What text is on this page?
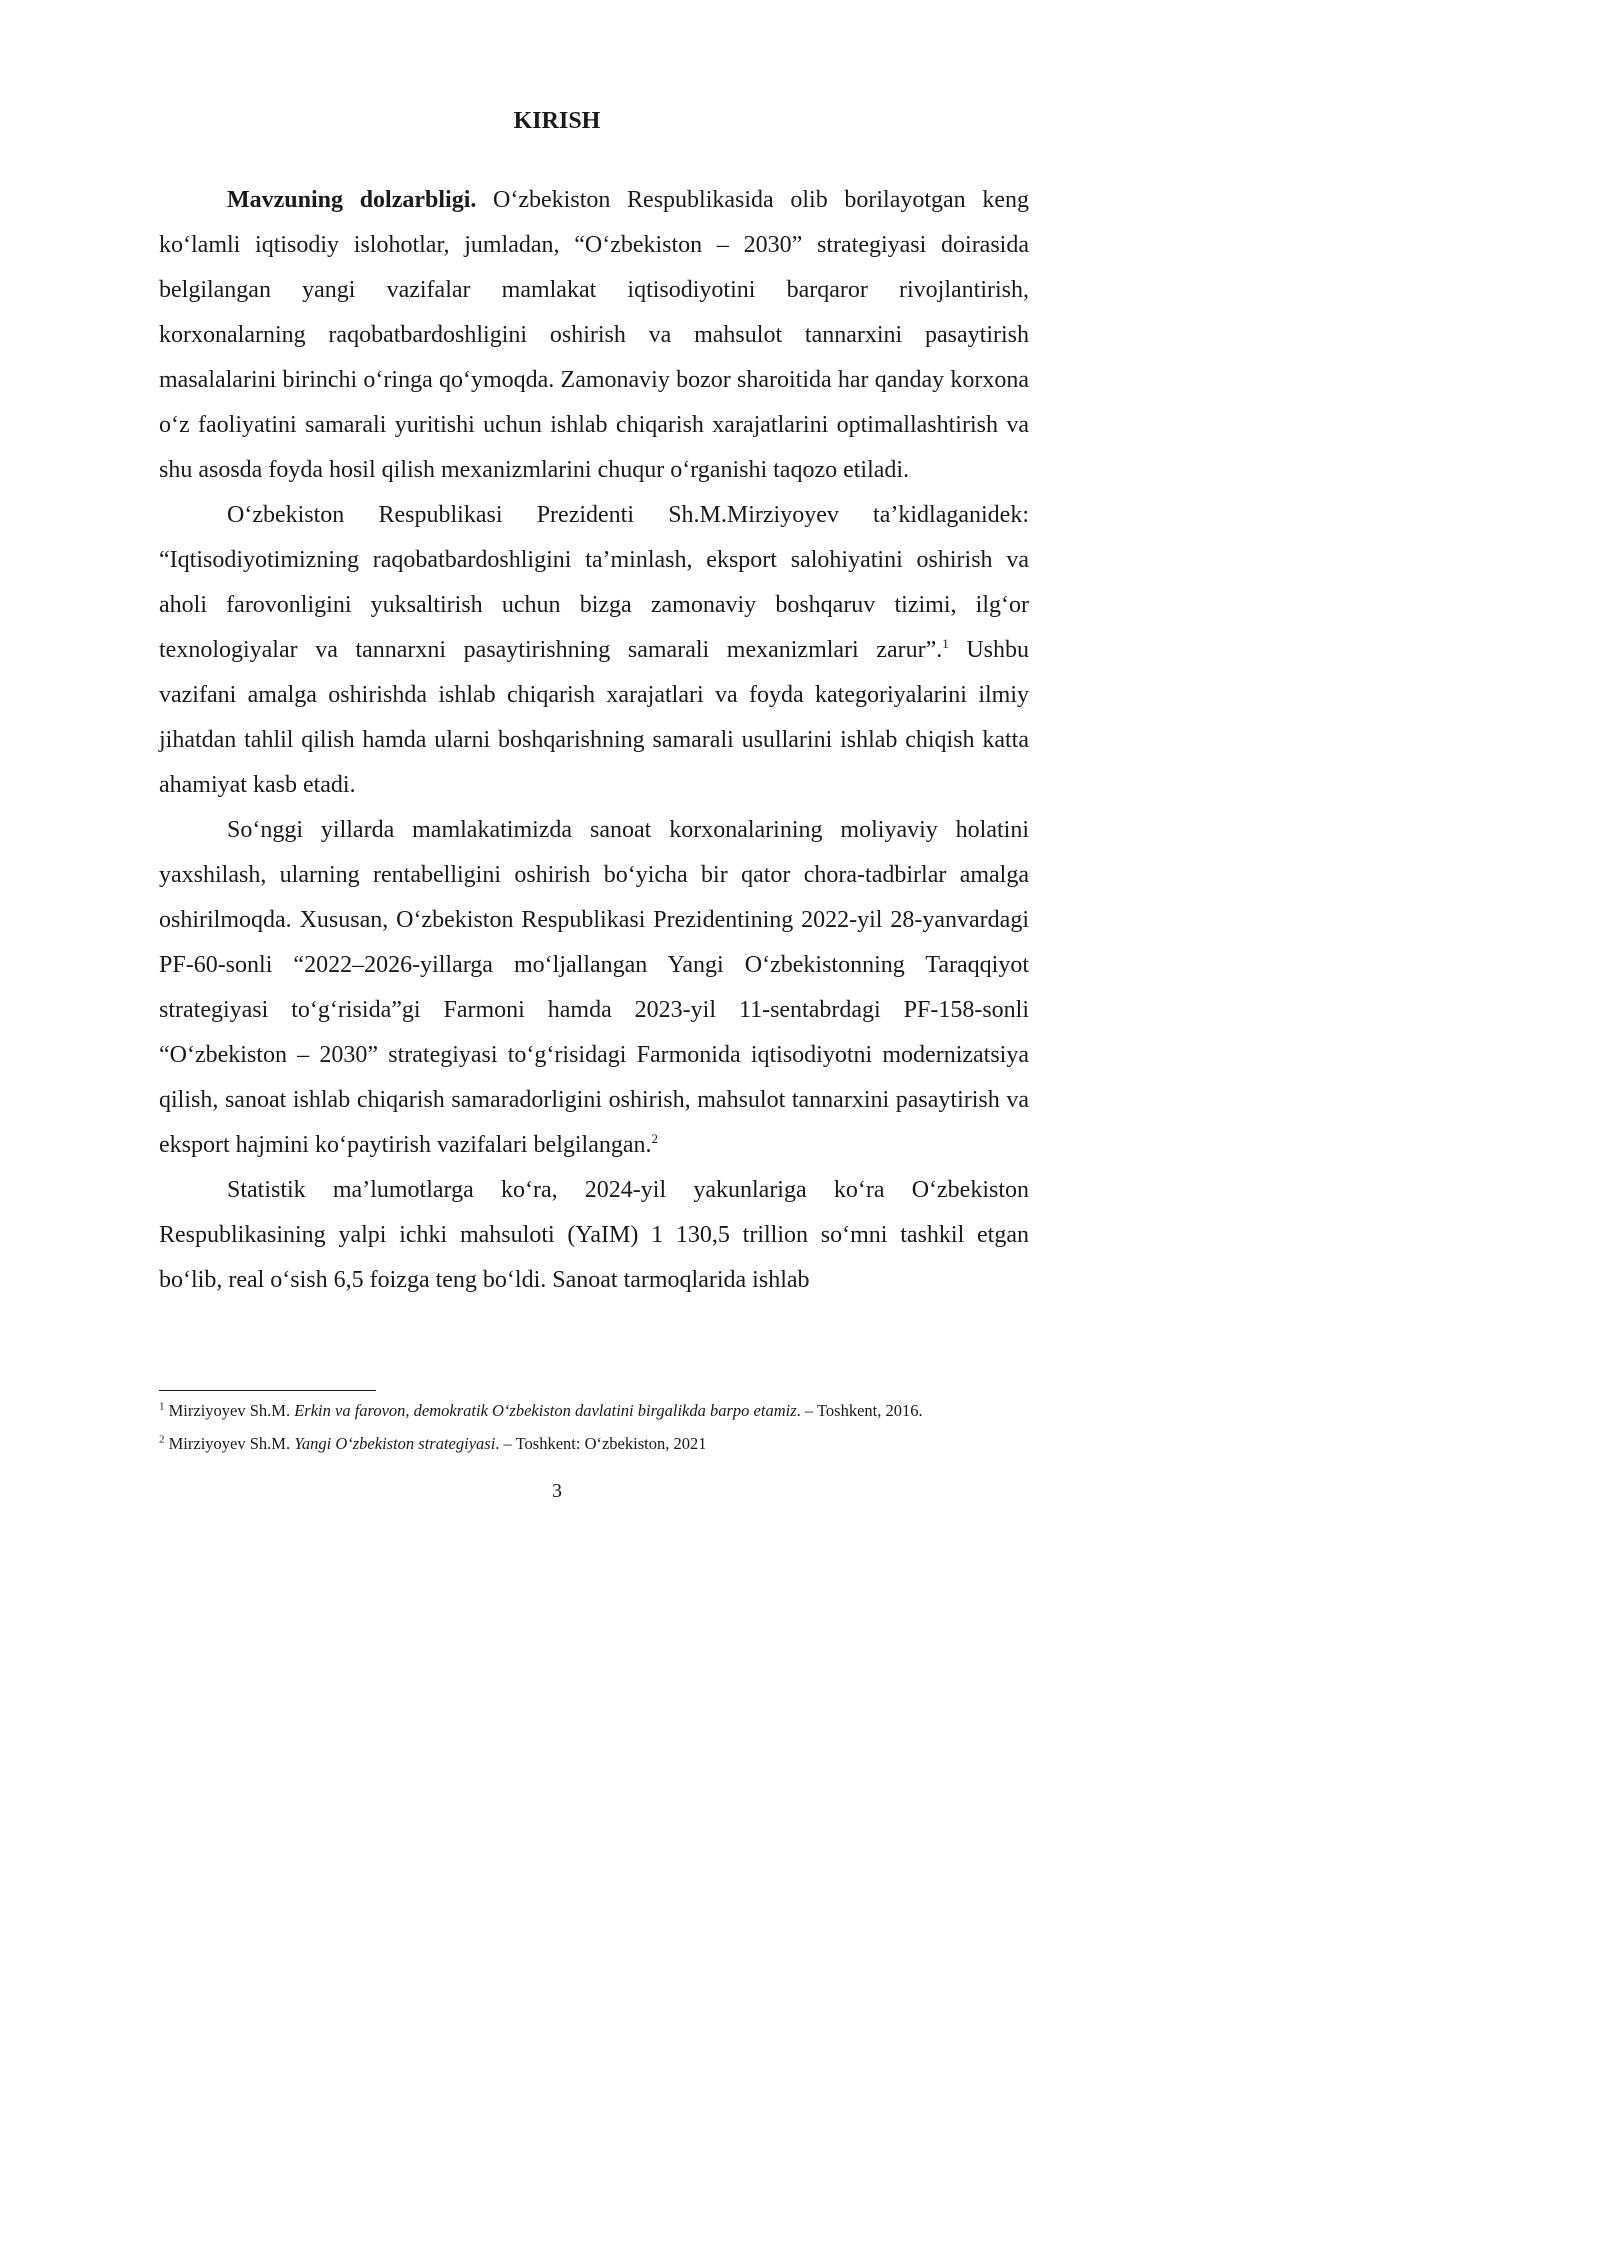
KIRISH

Mavzuning dolzarbligi. O‘zbekiston Respublikasida olib borilayotgan keng ko‘lamli iqtisodiy islohotlar, jumladan, “O‘zbekiston – 2030” strategiyasi doirasida belgilangan yangi vazifalar mamlakat iqtisodiyotini barqaror rivojlantirish, korxonalarning raqobatbardoshligini oshirish va mahsulot tannarxini pasaytirish masalalarini birinchi o‘ringa qo‘ymoqda. Zamonaviy bozor sharoitida har qanday korxona o‘z faoliyatini samarali yuritishi uchun ishlab chiqarish xarajatlarini optimallashtirish va shu asosda foyda hosil qilish mexanizmlarini chuqur o‘rganishi taqozo etiladi.

O‘zbekiston Respublikasi Prezidenti Sh.M.Mirziyoyev ta’kidlaganidek: “Iqtisodiyotimizning raqobatbardoshligini ta’minlash, eksport salohiyatini oshirish va aholi farovonligini yuksaltirish uchun bizga zamonaviy boshqaruv tizimi, ilg‘or texnologiyalar va tannarxni pasaytirishning samarali mexanizmlari zarur”.$^1$ Ushbu vazifani amalga oshirishda ishlab chiqarish xarajatlari va foyda kategoriyalarini ilmiy jihatdan tahlil qilish hamda ularni boshqarishning samarali usullarini ishlab chiqish katta ahamiyat kasb etadi.

So‘nggi yillarda mamlakatimizda sanoat korxonalarining moliyaviy holatini yaxshilash, ularning rentabelligini oshirish bo‘yicha bir qator chora-tadbirlar amalga oshirilmoqda. Xususan, O‘zbekiston Respublikasi Prezidentining 2022-yil 28-yanvardagi PF-60-sonli “2022–2026-yillarga mo‘ljallangan Yangi O‘zbekistonning Taraqqiyot strategiyasi to‘g‘risida”gi Farmoni hamda 2023-yil 11-sentabrdagi PF-158-sonli “O‘zbekiston – 2030” strategiyasi to‘g‘risidagi Farmonida iqtisodiyotni modernizatsiya qilish, sanoat ishlab chiqarish samaradorligini oshirish, mahsulot tannarxini pasaytirish va eksport hajmini ko‘paytirish vazifalari belgilangan.$^2$

Statistik ma’lumotlarga ko‘ra, 2024-yil yakunlariga ko‘ra O‘zbekiston Respublikasining yalpi ichki mahsuloti (YaIM) 1 130,5 trillion so‘mni tashkil etgan bo‘lib, real o‘sish 6,5 foizga teng bo‘ldi. Sanoat tarmoqlarida ishlab

$^1$ Mirziyoyev Sh.M. Erkin va farovon, demokratik O‘zbekiston davlatini birgalikda barpo etamiz. – Toshkent, 2016.

$^2$ Mirziyoyev Sh.M. Yangi O‘zbekiston strategiyasi. – Toshkent: O‘zbekiston, 2021

3
